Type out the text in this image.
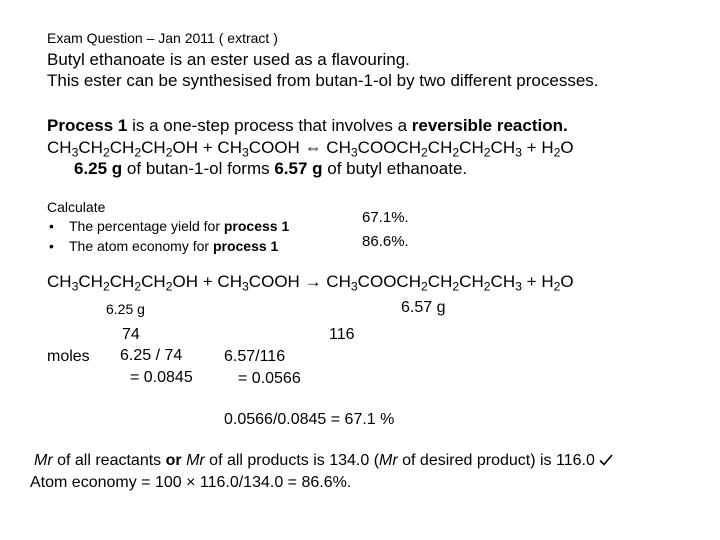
Exam Question – Jan 2011 ( extract )
Butyl ethanoate is an ester used as a flavouring.
This ester can be synthesised from butan-1-ol by two different processes.
Process 1 is a one-step process that involves a reversible reaction.
$CH_3CH_2CH_2CH_2OH$ + $CH_3COOH$ ⇔ $CH_3COOCH_2CH_2CH_2CH_3 + H_2O$
6.25 g of butan-1-ol forms 6.57 g of butyl ethanoate.
Calculate
• The percentage yield for process 1
• The atom economy for process 1
67.1%.
86.6%.
$CH_3CH_2CH_2CH_2OH$ + $CH_3COOH$ → $CH_3COOCH_2CH_2CH_2CH_3 + H_2O$
6.25 g	6.57 g
74	116
moles 6.25 / 74
= 0.0845
6.57/116
= 0.0566
0.0566/0.0845 = 67.1 %
Mr of all reactants or Mr of all products is 134.0 (Mr of desired product) is 116.0
Atom economy = 100 × 116.0/134.0 = 86.6%.
